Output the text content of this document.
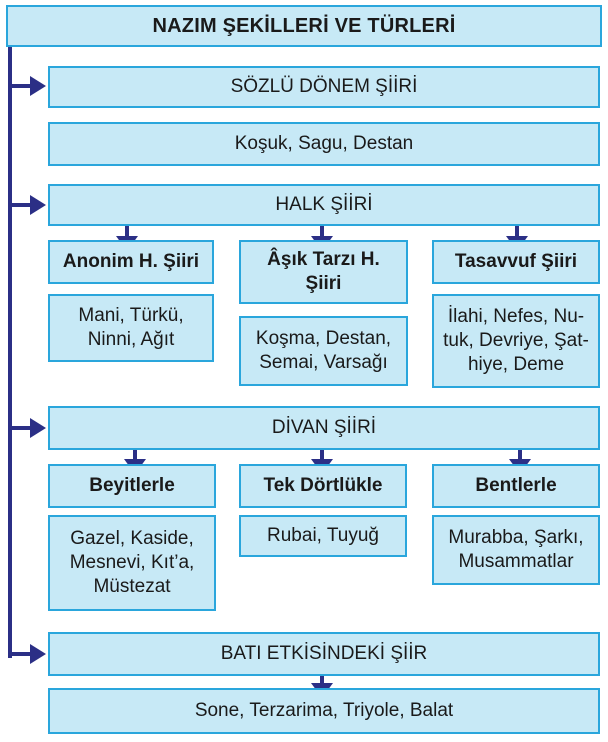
NAZIM ŞEKİLLERİ VE TÜRLERİ
SÖZLÜ DÖNEM ŞİİRİ
Koşuk, Sagu, Destan
HALK ŞİİRİ
Anonim H. Şiiri	Âşık Tarzı H. Şiiri
Tasavvuf Şiiri
Mani, Türkü,
Ninni, Ağıt	Koşma, Destan,
Semai, Varsağı
İlahi, Nefes, Nu-
tuk, Devriye, Şat-
hiye, Deme
DİVAN ŞİİRİ
Beyitlerle	Tek Dörtlükle	Bentlerle
Gazel, Kaside,
Mesnevi, Kıt’a,
Müstezat
Rubai, Tuyuğ	Murabba, Şarkı,
Musammatlar
BATI ETKİSİNDEKİ ŞİİR
Sone, Terzarima, Triyole, Balat
